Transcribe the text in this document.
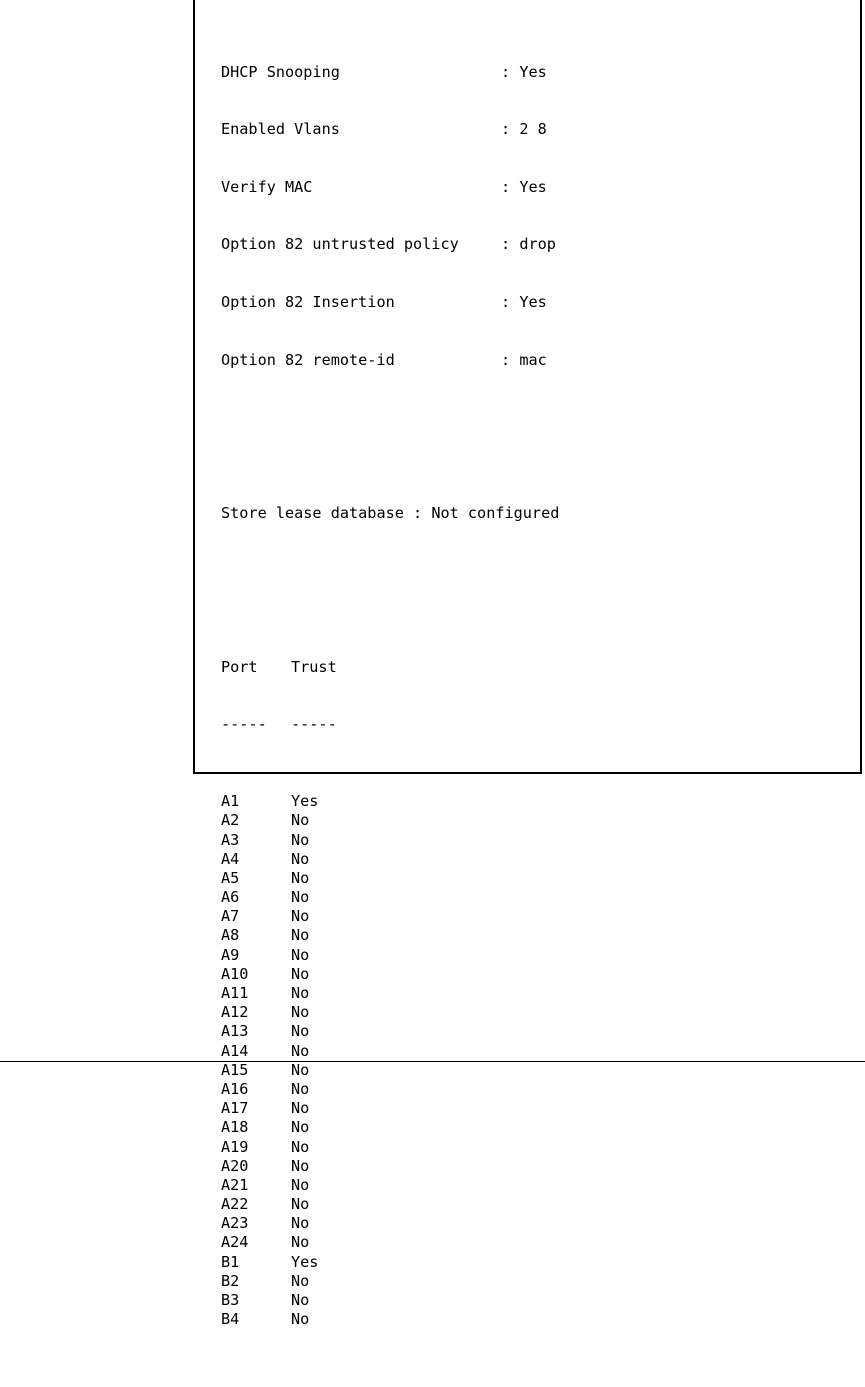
DHCP Snooping	: Yes

Enabled Vlans	: 2 8

Verify MAC	: Yes

Option 82 untrusted policy	: drop

Option 82 Insertion	: Yes

Option 82 remote-id	: mac

Store lease database : Not configured

Port Trust

----- -----

A1	Yes
A2	No
A3	No
A4	No
A5	No
A6	No
A7	No
A8	No
A9	No
A10	No
A11	No
A12	No
A13	No
A14	No
A15	No
A16	No
A17	No
A18	No
A19	No
A20	No
A21	No
A22	No
A23	No
A24	No
B1	Yes
B2	No
B3	No
B4	No
